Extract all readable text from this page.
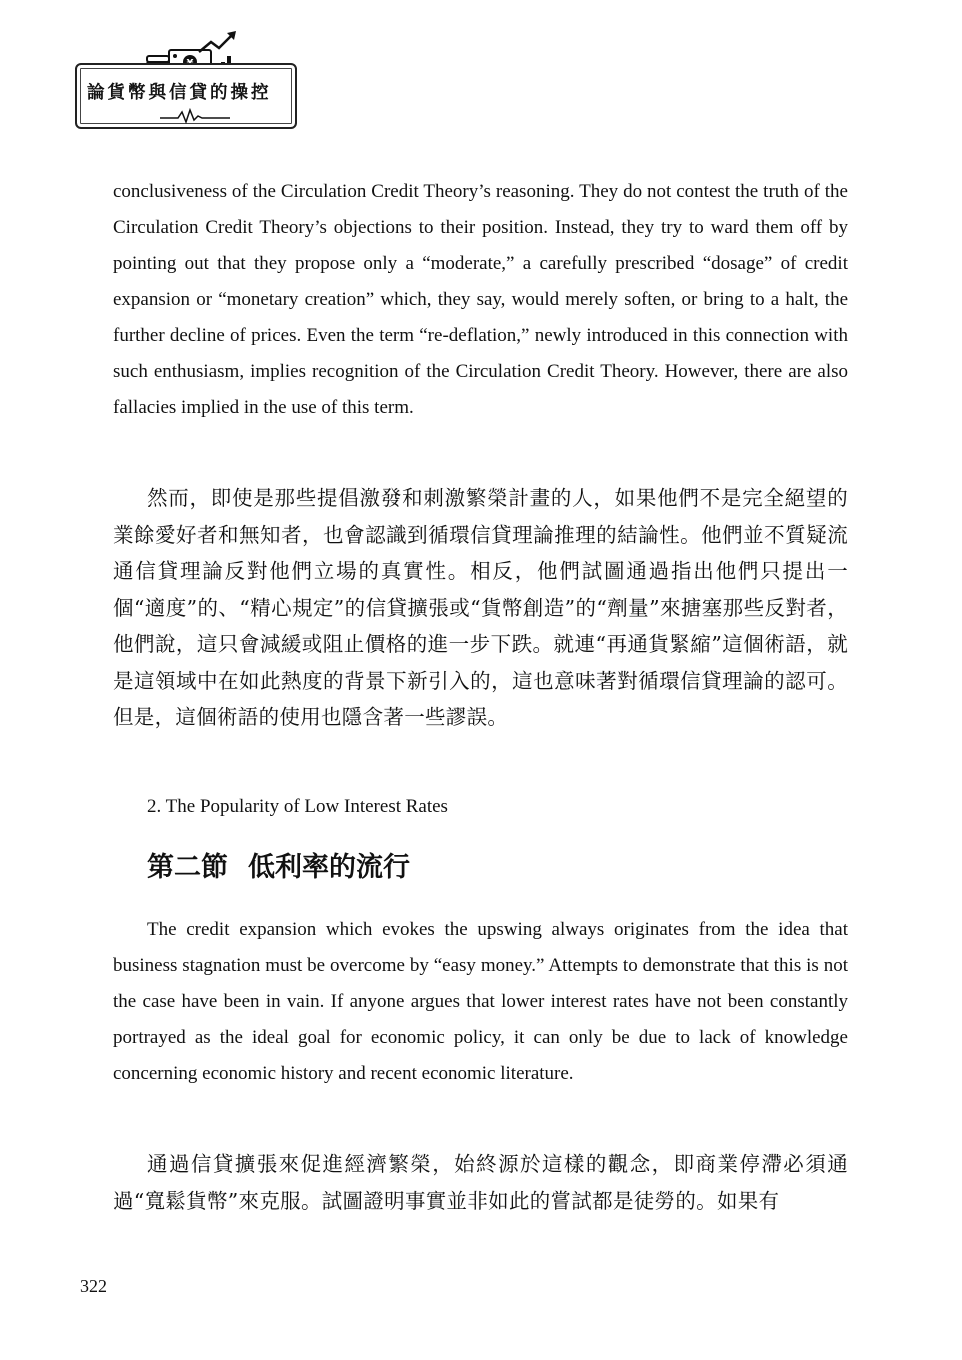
論貨幣與信貸的操控
conclusiveness of the Circulation Credit Theory’s reasoning. They do not contest the truth of the Circulation Credit Theory’s objections to their position. Instead, they try to ward them off by pointing out that they propose only a “moderate,” a carefully prescribed “dosage” of credit expansion or “monetary creation” which, they say, would merely soften, or bring to a halt, the further decline of prices. Even the term “re-deflation,” newly introduced in this connection with such enthusiasm, implies recognition of the Circulation Credit Theory. However, there are also fallacies implied in the use of this term.
然而，即使是那些提倡激發和刺激繁榮計畫的人，如果他們不是完全絕望的業餘愛好者和無知者，也會認識到循環信貸理論推理的結論性。他們並不質疑流通信貸理論反對他們立場的真實性。相反，他們試圖通過指出他們只提出一個“適度”的、“精心規定”的信貸擴張或“貨幣創造”的“劑量”來搪塞那些反對者，他們說，這只會減緩或阻止價格的進一步下跌。就連“再通貨緊縮”這個術語，就是這領域中在如此熱度的背景下新引入的，這也意味著對循環信貸理論的認可。但是，這個術語的使用也隱含著一些謬誤。
2. The Popularity of Low Interest Rates
第二節 低利率的流行
The credit expansion which evokes the upswing always originates from the idea that business stagnation must be overcome by “easy money.” Attempts to demonstrate that this is not the case have been in vain. If anyone argues that lower interest rates have not been constantly portrayed as the ideal goal for economic policy, it can only be due to lack of knowledge concerning economic history and recent economic literature.
通過信貸擴張來促進經濟繁榮，始終源於這樣的觀念，即商業停滯必須通過“寬鬆貨幣”來克服。試圖證明事實並非如此的嘗試都是徒勞的。如果有
322
